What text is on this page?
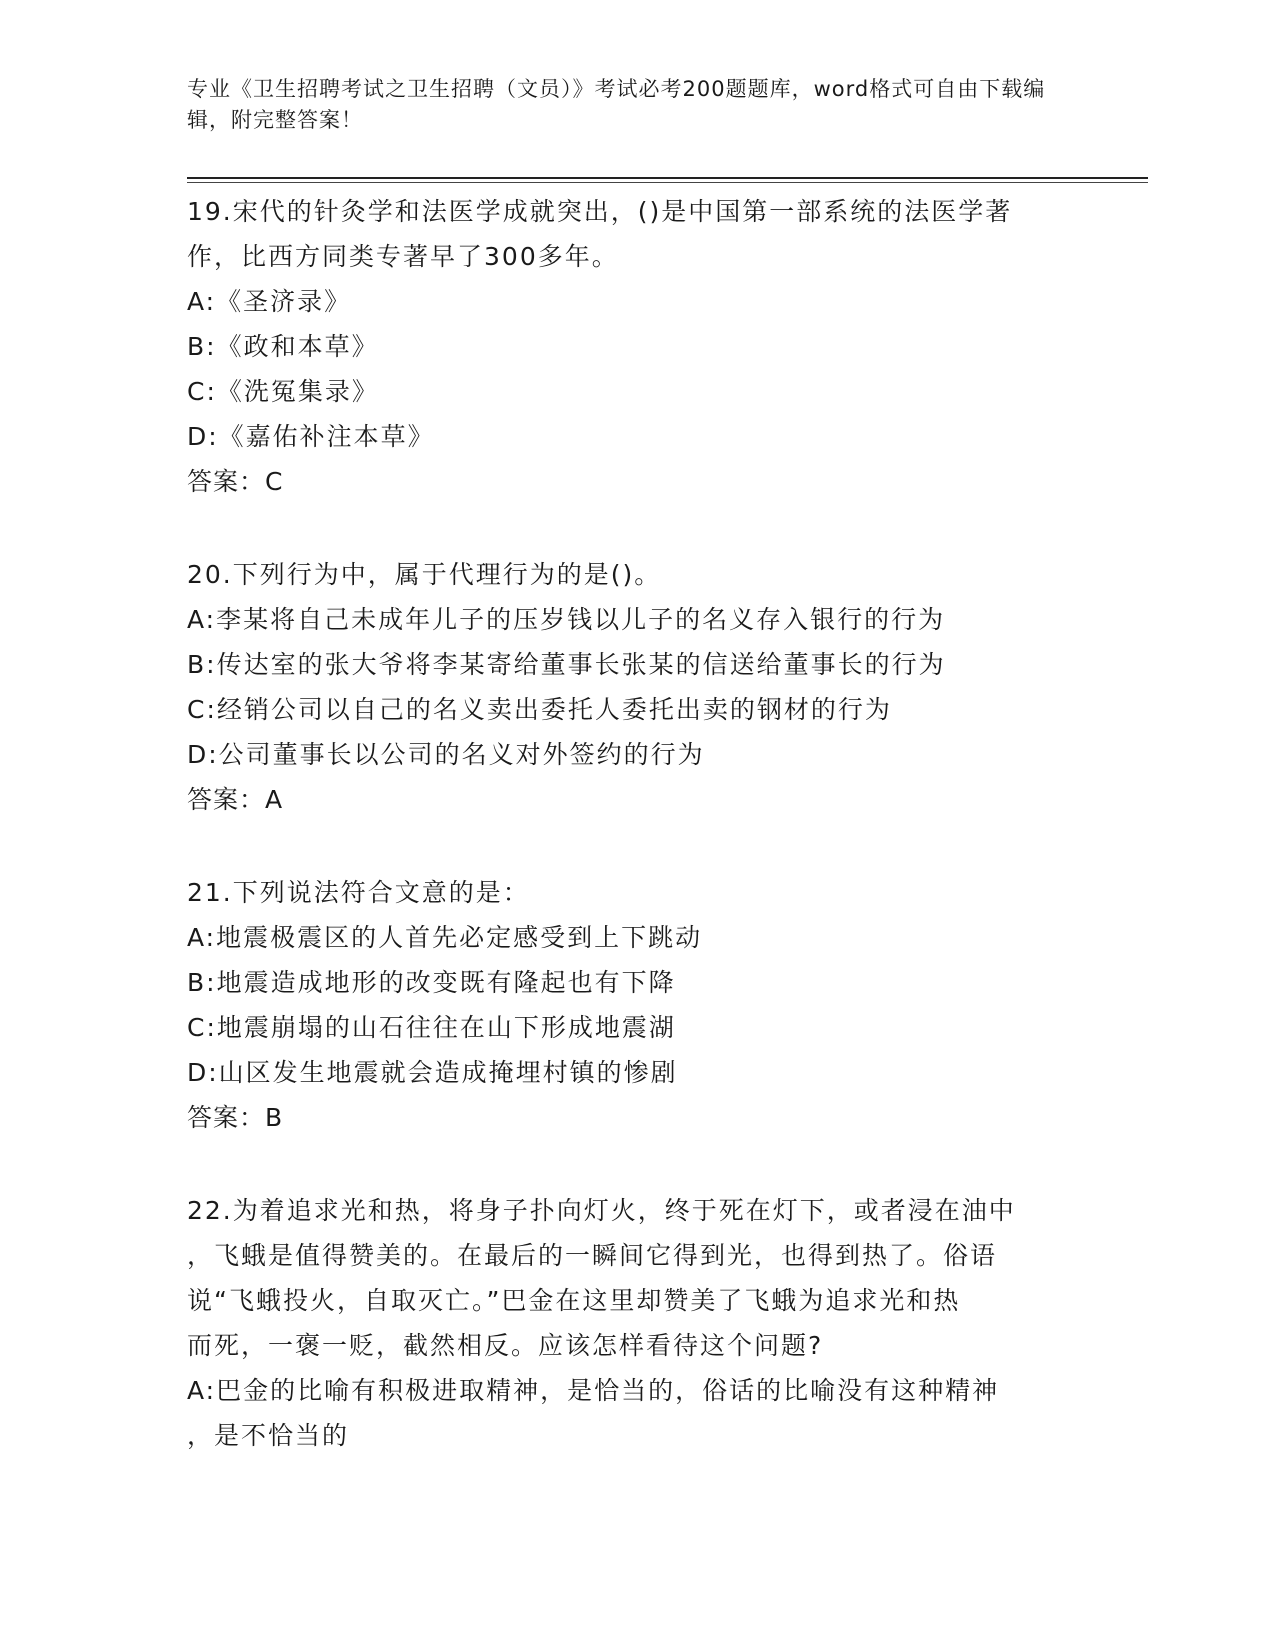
专业《卫生招聘考试之卫生招聘（文员）》考试必考200题题库，word格式可自由下载编辑，附完整答案！

19.宋代的针灸学和法医学成就突出，()是中国第一部系统的法医学著

作，比西方同类专著早了300多年。

A:《圣济录》

B:《政和本草》

C:《洗冤集录》

D:《嘉佑补注本草》

答案：C

20.下列行为中，属于代理行为的是()。

A:李某将自己未成年儿子的压岁钱以儿子的名义存入银行的行为

B:传达室的张大爷将李某寄给董事长张某的信送给董事长的行为

C:经销公司以自己的名义卖出委托人委托出卖的钢材的行为

D:公司董事长以公司的名义对外签约的行为

答案：A

21.下列说法符合文意的是：

A:地震极震区的人首先必定感受到上下跳动

B:地震造成地形的改变既有隆起也有下降

C:地震崩塌的山石往往在山下形成地震湖

D:山区发生地震就会造成掩埋村镇的惨剧

答案：B

22.为着追求光和热，将身子扑向灯火，终于死在灯下，或者浸在油中

，飞蛾是值得赞美的。在最后的一瞬间它得到光，也得到热了。俗语

说“飞蛾投火，自取灭亡。”巴金在这里却赞美了飞蛾为追求光和热

而死，一褒一贬，截然相反。应该怎样看待这个问题?

A:巴金的比喻有积极进取精神，是恰当的，俗话的比喻没有这种精神

，是不恰当的
